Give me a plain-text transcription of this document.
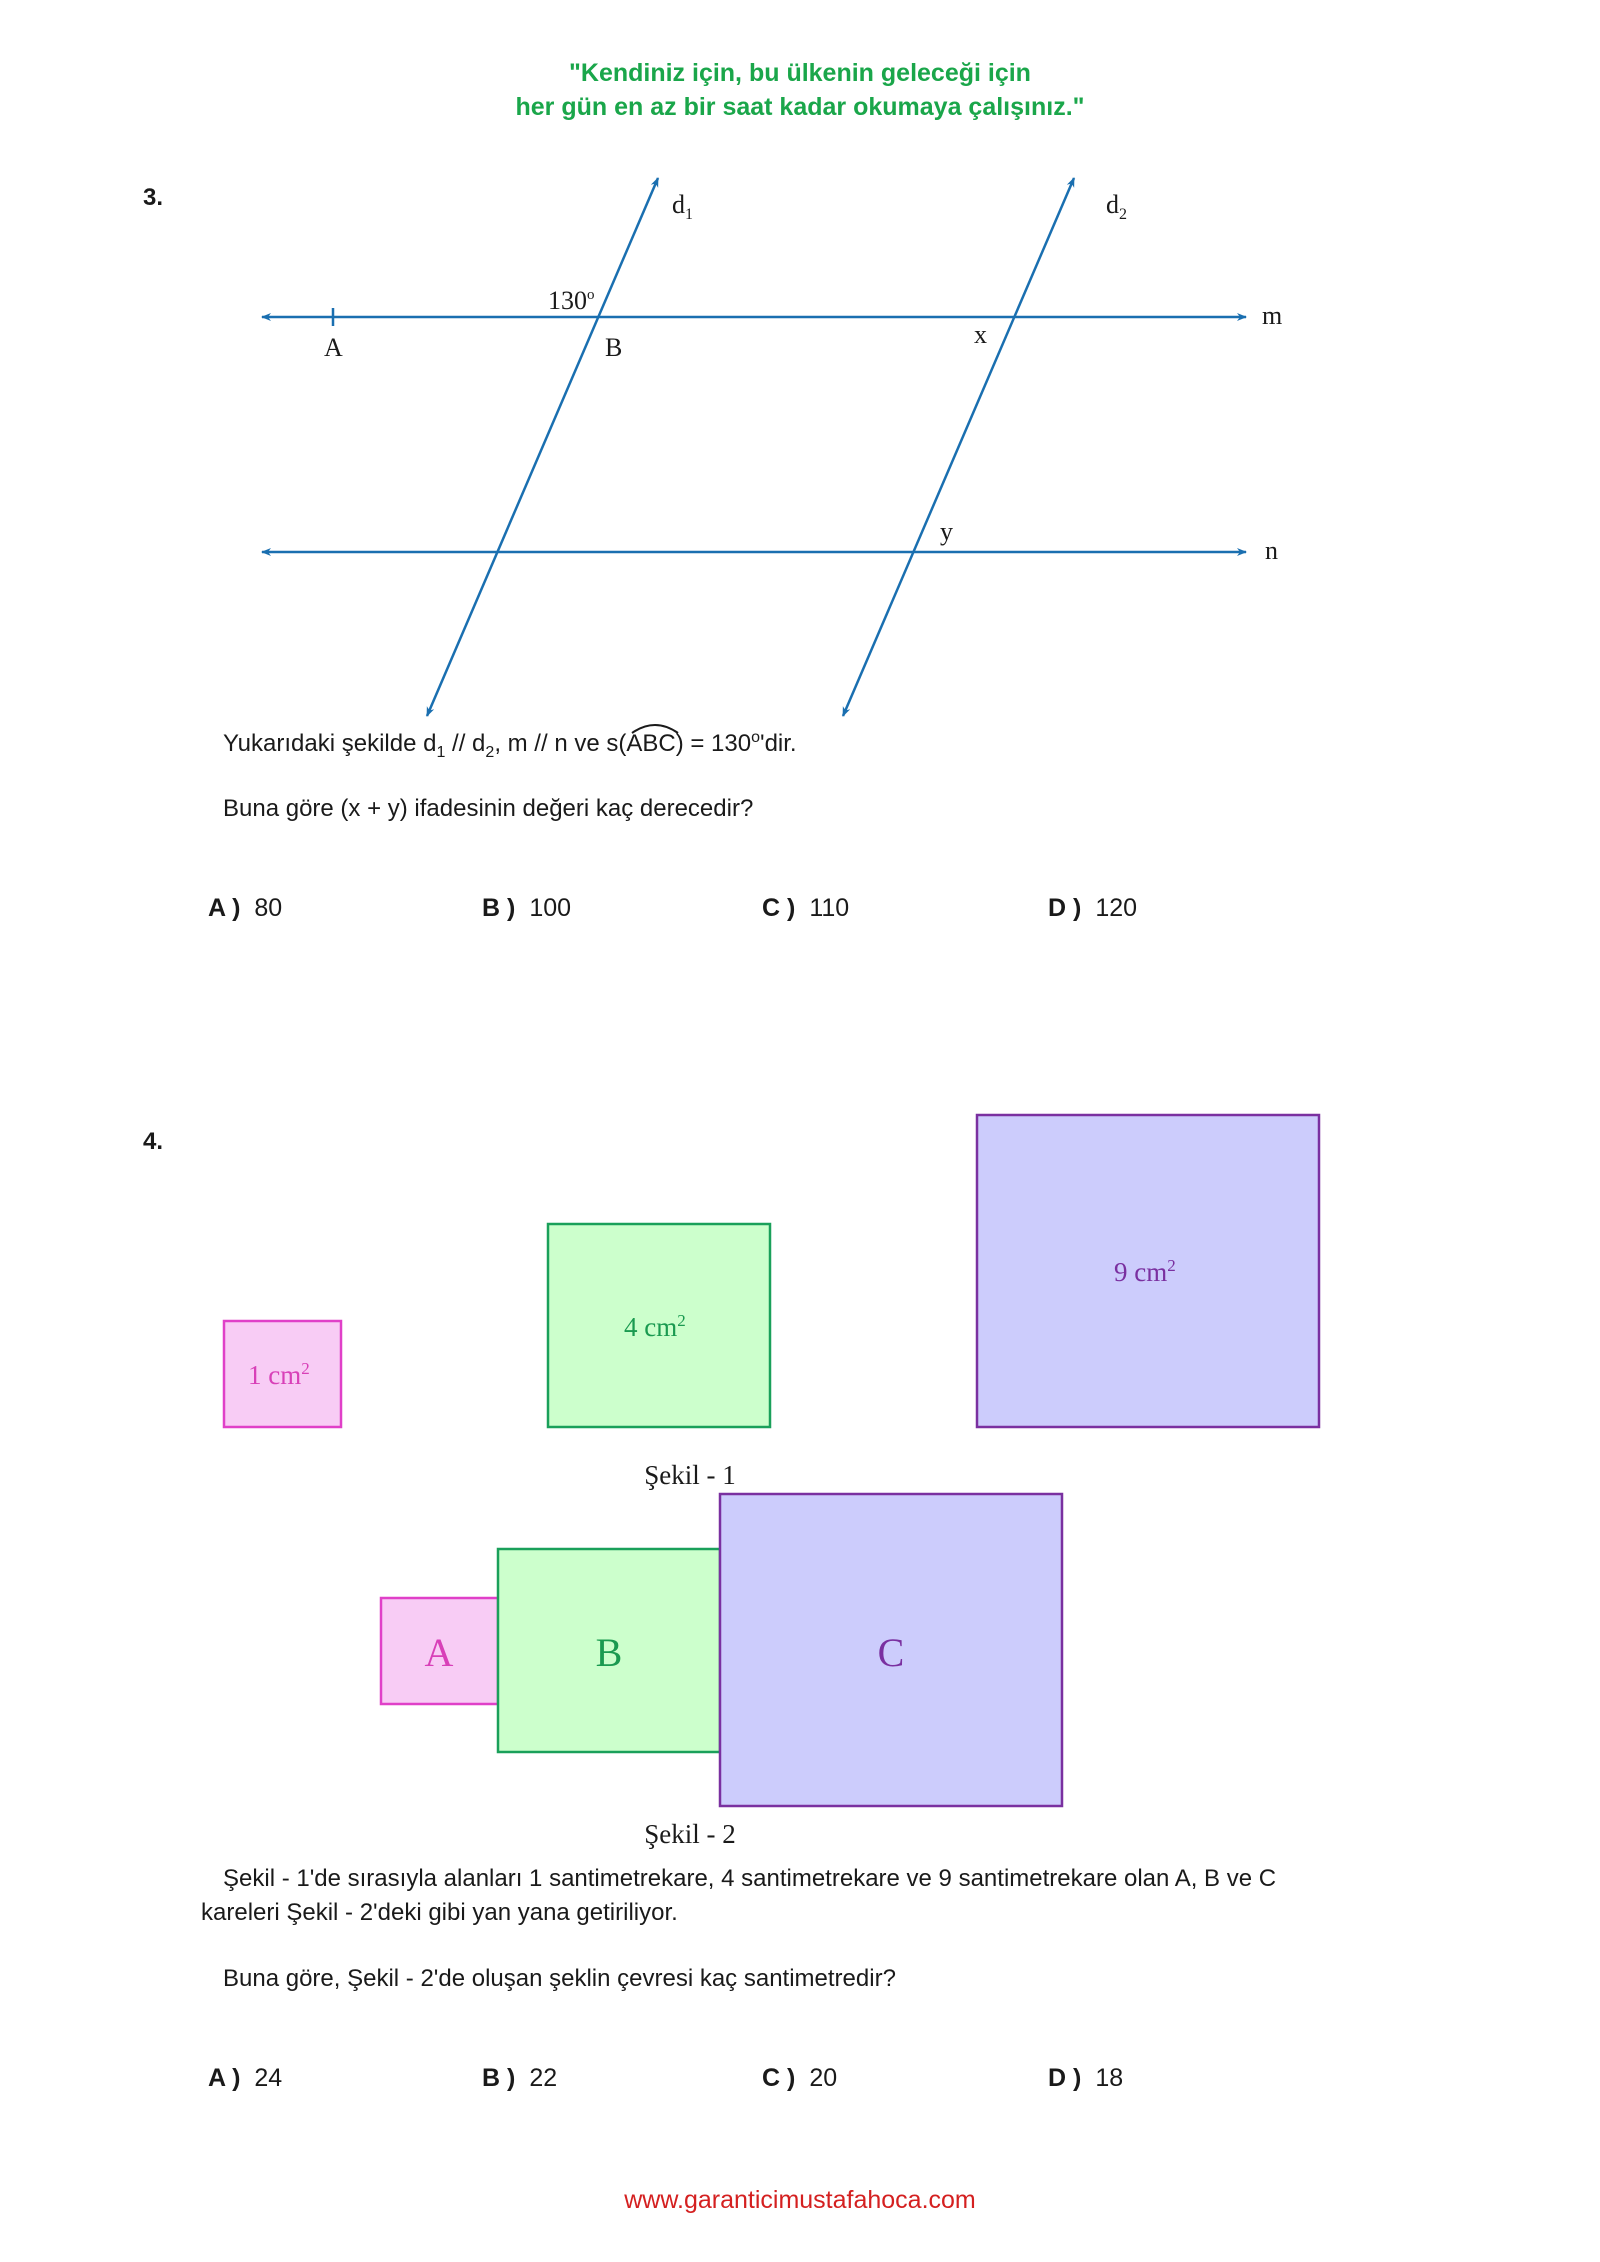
"Kendiniz için, bu ülkenin geleceği için
her gün en az bir saat kadar okumaya çalışınız."
3.	$d_1$	$d_2$
m
n
A	B
130$^o$
x
y
Yukarıdaki şekilde $d_1 // d_2$, m // n ve s(
$ABC) = 130^o'dir$.
Buna göre (x + y) ifadesinin değeri kaç derecedir?
A ) 80	B ) 100	C ) 110	D ) 120
4.
1 $cm^2$
4 $cm^2$
9 $cm^2$
Şekil - 1
A	B	C
Şekil - 2
Şekil - 1'de sırasıyla alanları 1 santimetrekare, 4 santimetrekare ve 9 santimetrekare olan A, B ve C
kareleri Şekil - 2'deki gibi yan yana getiriliyor.
Buna göre, Şekil - 2'de oluşan şeklin çevresi kaç santimetredir?
A ) 24	B ) 22	C ) 20	D ) 18
www.garanticimustafahoca.com
